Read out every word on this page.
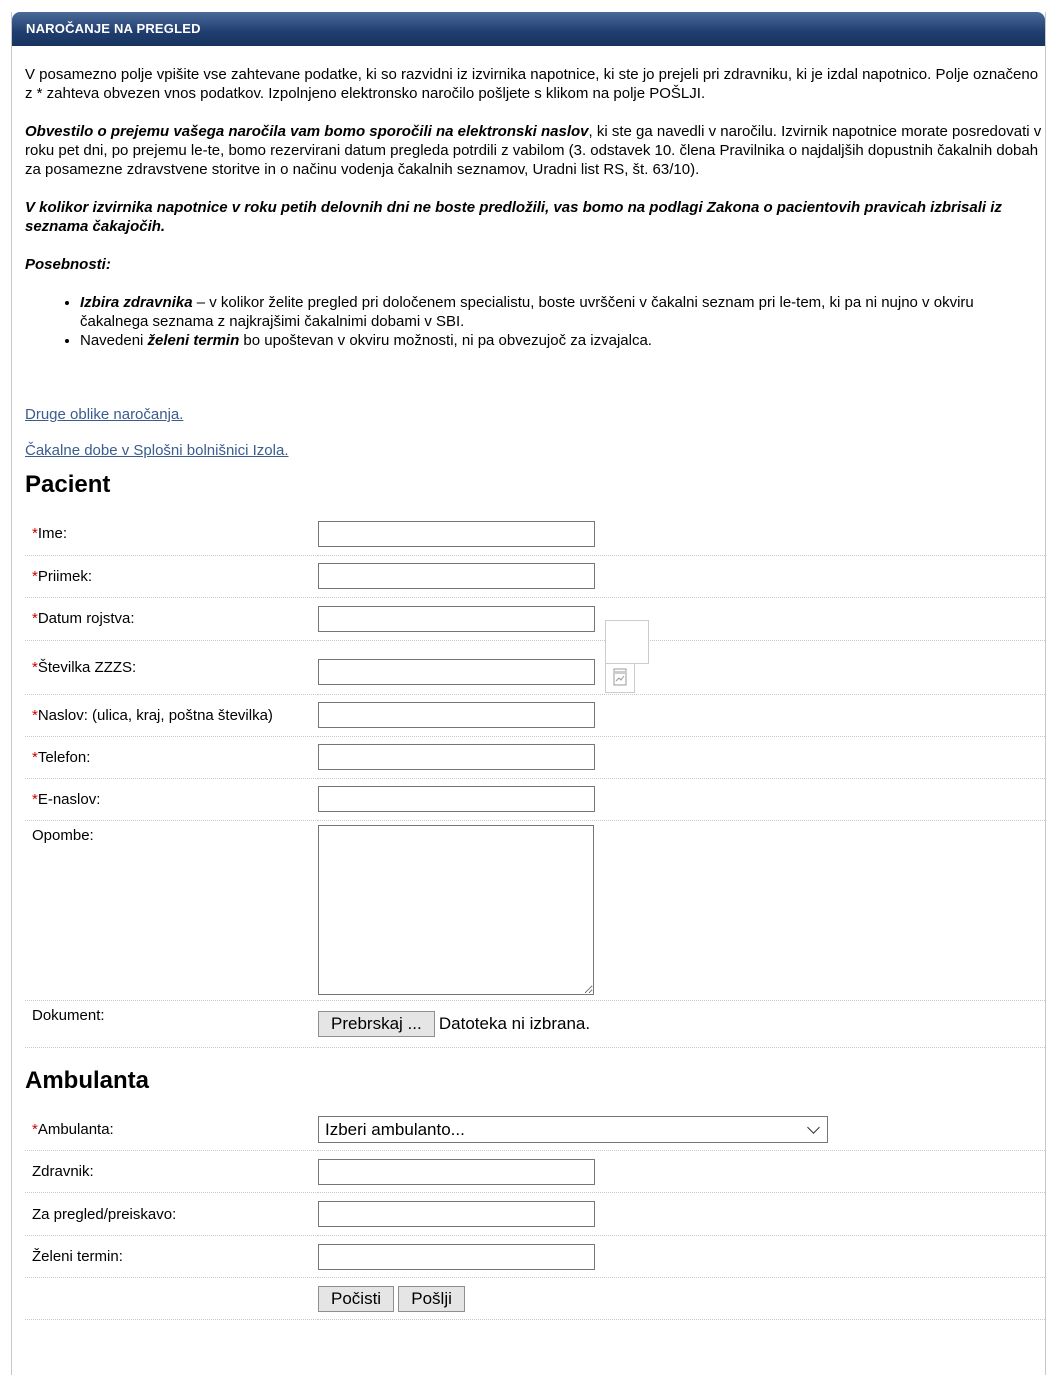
NAROČANJE NA PREGLED

V posamezno polje vpišite vse zahtevane podatke, ki so razvidni iz izvirnika napotnice, ki ste jo prejeli pri zdravniku, ki je izdal napotnico. Polje označeno z * zahteva obvezen vnos podatkov. Izpolnjeno elektronsko naročilo pošljete s klikom na polje POŠLJI.

Obvestilo o prejemu vašega naročila vam bomo sporočili na elektronski naslov, ki ste ga navedli v naročilu. Izvirnik napotnice morate posredovati v roku pet dni, po prejemu le-te, bomo rezervirani datum pregleda potrdili z vabilom (3. odstavek 10. člena Pravilnika o najdaljših dopustnih čakalnih dobah za posamezne zdravstvene storitve in o načinu vodenja čakalnih seznamov, Uradni list RS, št. 63/10).

V kolikor izvirnika napotnice v roku petih delovnih dni ne boste predložili, vas bomo na podlagi Zakona o pacientovih pravicah izbrisali iz seznama čakajočih.

Posebnosti:

• Izbira zdravnika – v kolikor želite pregled pri določenem specialistu, boste uvrščeni v čakalni seznam pri le-tem, ki pa ni nujno v okviru čakalnega seznama z najkrajšimi čakalnimi dobami v SBI.
• Navedeni želeni termin bo upoštevan v okviru možnosti, ni pa obvezujoč za izvajalca.
Druge oblike naročanja.
Čakalne dobe v Splošni bolnišnici Izola.
Pacient
*Ime:	
*Priimek:	
*Datum rojstva:	
*Številka ZZZS:	
*Naslov: (ulica, kraj, poštna številka)	
*Telefon:	
*E-naslov:	
Opombe:	
Dokument:	Prebrskaj ... Datoteka ni izbrana.
Ambulanta
*Ambulanta:	Izberi ambulanto...

Zdravnik:	
Za pregled/preiskavo:	
Želeni termin:	
	Počisti Pošlji
